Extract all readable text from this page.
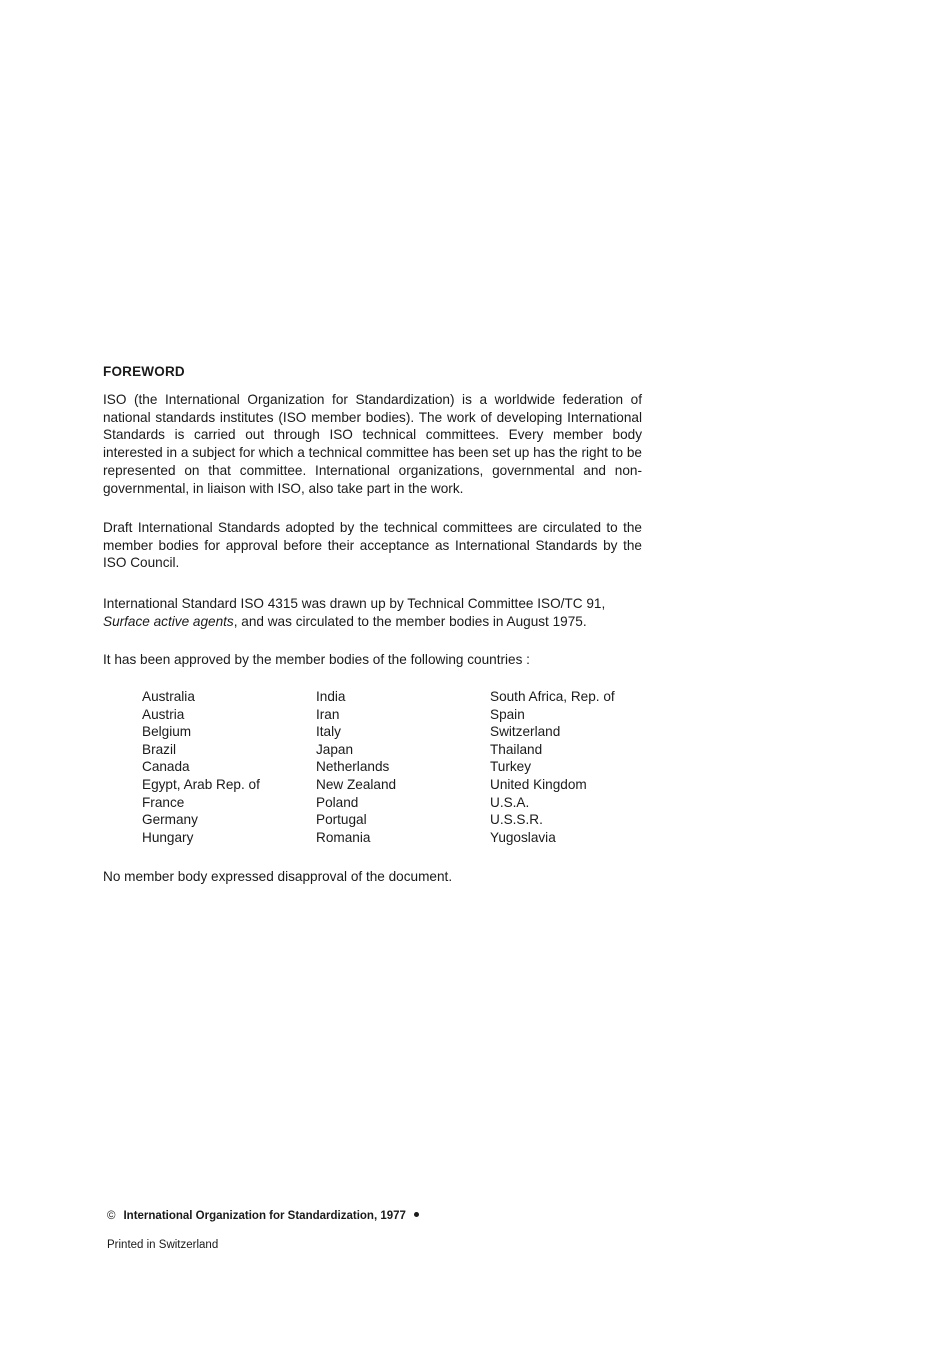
FOREWORD

ISO (the International Organization for Standardization) is a worldwide federation of national standards institutes (ISO member bodies). The work of developing International Standards is carried out through ISO technical committees. Every member body interested in a subject for which a technical committee has been set up has the right to be represented on that committee. International organizations, governmental and non-governmental, in liaison with ISO, also take part in the work.

Draft International Standards adopted by the technical committees are circulated to the member bodies for approval before their acceptance as International Standards by the ISO Council.

International Standard ISO 4315 was drawn up by Technical Committee ISO/TC 91,
Surface active agents, and was circulated to the member bodies in August 1975.

It has been approved by the member bodies of the following countries :

Australia
Austria
Belgium
Brazil
Canada
Egypt, Arab Rep. of
France
Germany
Hungary
India
Iran
Italy
Japan
Netherlands
New Zealand
Poland
Portugal
Romania
South Africa, Rep. of
Spain
Switzerland
Thailand
Turkey
United Kingdom
U.S.A.
U.S.S.R.
Yugoslavia

No member body expressed disapproval of the document.

© International Organization for Standardization, 1977
Printed in Switzerland
